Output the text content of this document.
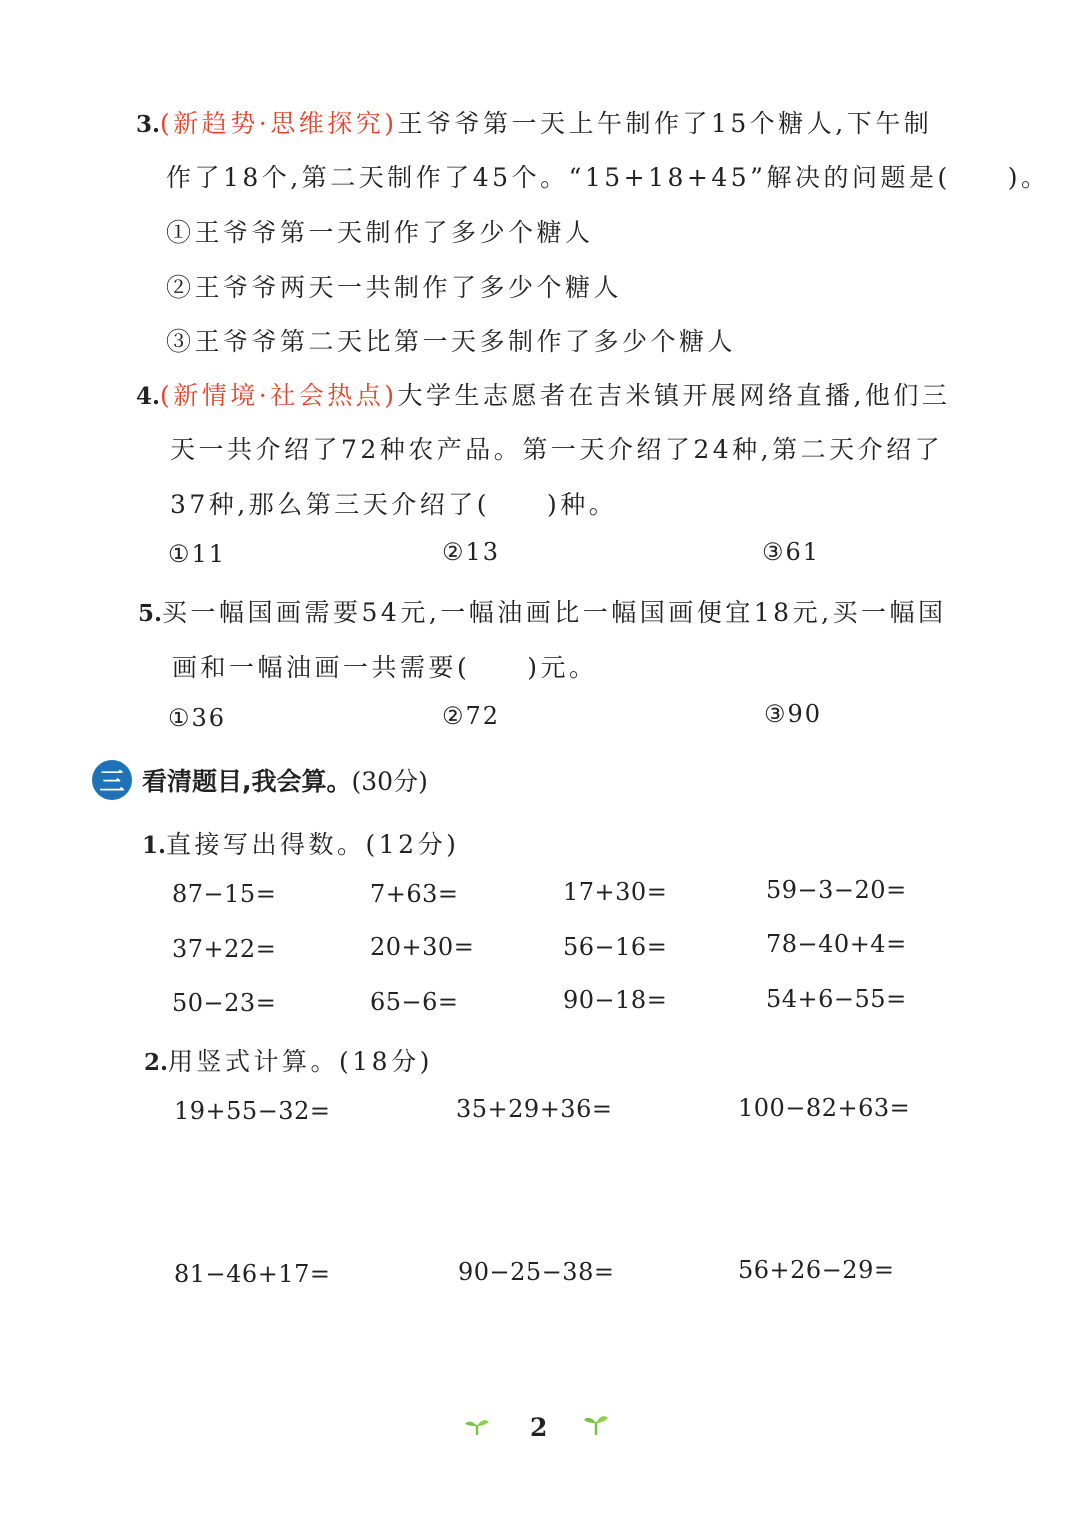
3.(新趋势·思维探究)王爷爷第一天上午制作了15个糖人,下午制
作了18个,第二天制作了45个。“15+18+45”解决的问题是(　　)。
①王爷爷第一天制作了多少个糖人
②王爷爷两天一共制作了多少个糖人
③王爷爷第二天比第一天多制作了多少个糖人
4.(新情境·社会热点)大学生志愿者在吉米镇开展网络直播,他们三
天一共介绍了72种农产品。第一天介绍了24种,第二天介绍了
37种,那么第三天介绍了(　　)种。
①11	②13	③61
5.买一幅国画需要54元,一幅油画比一幅国画便宜18元,买一幅国
画和一幅油画一共需要(　　)元。
①36	②72	③90
三 看清题目,我会算。(30分)
1.直接写出得数。(12分)
87−15=	7+63=	17+30=	59−3−20=
37+22=	20+30=	56−16=	78−40+4=
50−23=	65−6=	90−18=	54+6−55=
2.用竖式计算。(18分)
19+55−32=	35+29+36=	100−82+63=
81−46+17=	90−25−38=	56+26−29=
2
